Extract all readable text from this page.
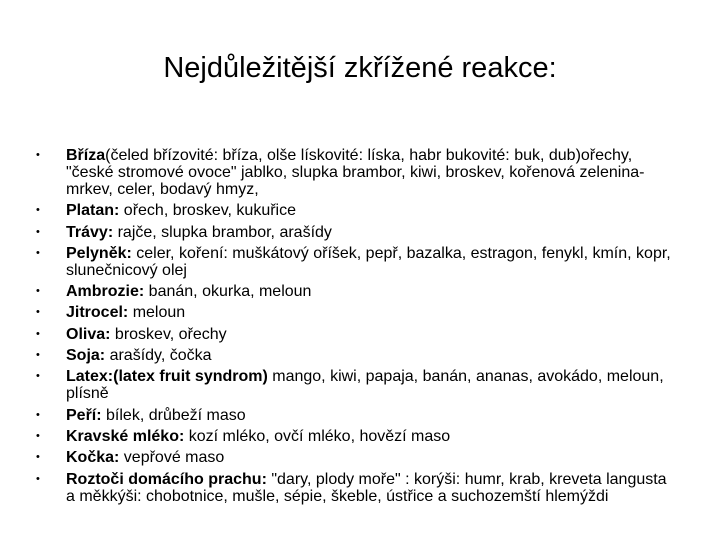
Nejdůležitější zkřížené reakce:
• Bříza(čeled břízovité: bříza, olše lískovité: líska, habr bukovité: buk, dub)ořechy, "české stromové ovoce" jablko, slupka brambor, kiwi, broskev, kořenová zelenina-mrkev, celer, bodavý hmyz,
• Platan: ořech, broskev, kukuřice
• Trávy: rajče, slupka brambor, arašídy
• Pelyněk: celer, koření: muškátový oříšek, pepř, bazalka, estragon, fenykl, kmín, kopr, slunečnicový olej
• Ambrozie: banán, okurka, meloun
• Jitrocel: meloun
• Oliva: broskev, ořechy
• Soja: arašídy, čočka
• Latex:(latex fruit syndrom) mango, kiwi, papaja, banán, ananas, avokádo, meloun, plísně
• Peří: bílek, drůbeží maso
• Kravské mléko: kozí mléko, ovčí mléko, hovězí maso
• Kočka: vepřové maso
• Roztoči domácího prachu: "dary, plody moře" : korýši: humr, krab, kreveta langusta a měkkýši: chobotnice, mušle, sépie, škeble, ústřice a suchozemští hlemýždi
